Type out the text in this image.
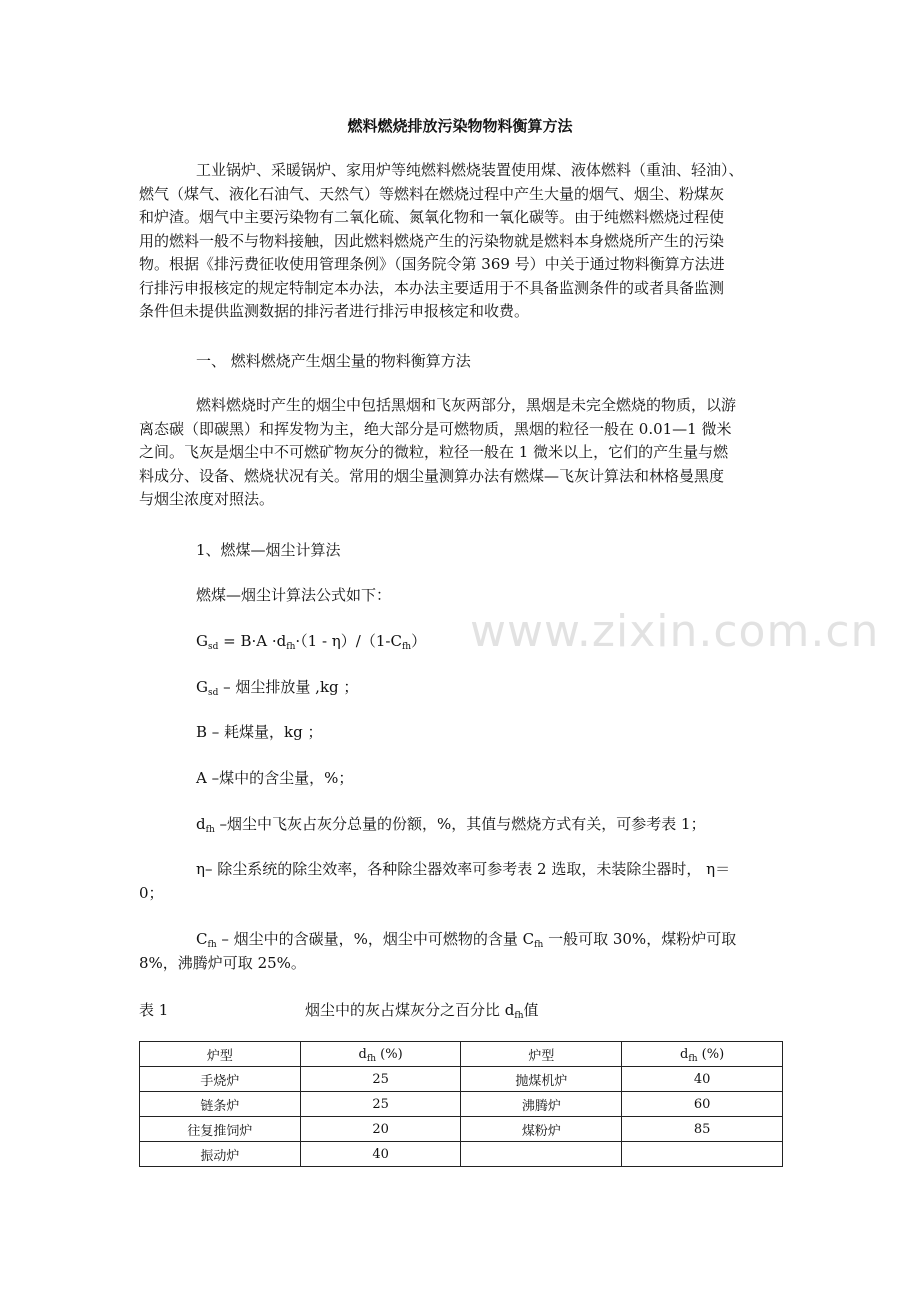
燃料燃烧排放污染物物料衡算方法
工业锅炉、采暖锅炉、家用炉等纯燃料燃烧装置使用煤、液体燃料（重油、轻油）、
燃气（煤气、液化石油气、天然气）等燃料在燃烧过程中产生大量的烟气、烟尘、粉煤灰
和炉渣。烟气中主要污染物有二氧化硫、氮氧化物和一氧化碳等。由于纯燃料燃烧过程使
用的燃料一般不与物料接触，因此燃料燃烧产生的污染物就是燃料本身燃烧所产生的污染
物。根据《排污费征收使用管理条例》（国务院令第 369 号）中关于通过物料衡算方法进
行排污申报核定的规定特制定本办法，本办法主要适用于不具备监测条件的或者具备监测
条件但未提供监测数据的排污者进行排污申报核定和收费。
一、 燃料燃烧产生烟尘量的物料衡算方法
燃料燃烧时产生的烟尘中包括黑烟和飞灰两部分，黑烟是未完全燃烧的物质，以游
离态碳（即碳黑）和挥发物为主，绝大部分是可燃物质，黑烟的粒径一般在 0.01—1 微米
之间。飞灰是烟尘中不可燃矿物灰分的微粒，粒径一般在 1 微米以上，它们的产生量与燃
料成分、设备、燃烧状况有关。常用的烟尘量测算办法有燃煤—飞灰计算法和林格曼黑度
与烟尘浓度对照法。
1、燃煤—烟尘计算法
燃煤—烟尘计算法公式如下：
$G_{sd} = B\cdot A \cdot d_{fh}\cdot(1 - \eta)/(1-C_{fh})$
$G_{sd}$ – 烟尘排放量 ,kg ；
B – 耗煤量，kg ；
A –煤中的含尘量，%；
$d_{fh}$ –烟尘中飞灰占灰分总量的份额，%，其值与燃烧方式有关，可参考表 1；
η– 除尘系统的除尘效率，各种除尘器效率可参考表 2 选取，未装除尘器时， η＝
0；
$C_{fh}$ – 烟尘中的含碳量，%，烟尘中可燃物的含量 $C_{fh}$ 一般可取 30%，煤粉炉可取
8%，沸腾炉可取 25%。
www.zixin.com.cn
表 1	烟尘中的灰占煤灰分之百分比 $d_{fh}$值
炉型	$d_{fh}$ (%)	炉型	$d_{fh}$ (%)
手烧炉	25	抛煤机炉	40
链条炉	25	沸腾炉	60
往复推饲炉	20	煤粉炉	85
振动炉	40		
